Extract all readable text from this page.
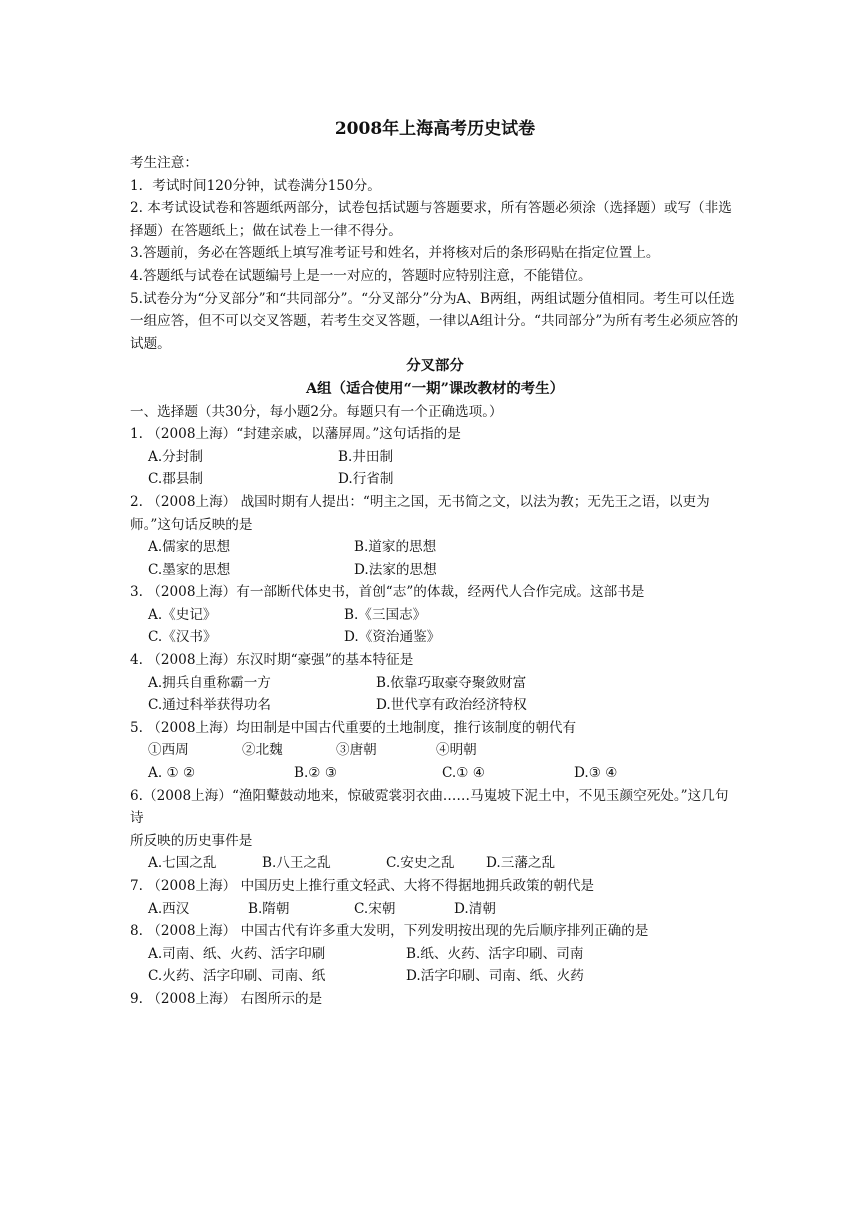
2008年上海高考历史试卷
考生注意：
1．考试时间120分钟，试卷满分150分。
2. 本考试设试卷和答题纸两部分，试卷包括试题与答题要求，所有答题必须涂（选择题）或写（非选择题）在答题纸上；做在试卷上一律不得分。
3.答题前，务必在答题纸上填写准考证号和姓名，并将核对后的条形码贴在指定位置上。
4.答题纸与试卷在试题编号上是一一对应的，答题时应特别注意，不能错位。
5.试卷分为“分叉部分”和“共同部分”。“分叉部分”分为A、B两组，两组试题分值相同。考生可以任选一组应答，但不可以交叉答题，若考生交叉答题，一律以A组计分。“共同部分”为所有考生必须应答的试题。
分叉部分
A组（适合使用“一期”课改教材的考生）
一、选择题（共30分，每小题2分。每题只有一个正确选项。）
1. （2008上海）“封建亲戚，以藩屏周。”这句话指的是
A.分封制	B.井田制
C.郡县制	D.行省制
2. （2008上海） 战国时期有人提出：“明主之国，无书简之文，以法为教；无先王之语，以吏为师。”这句话反映的是
A.儒家的思想	B.道家的思想
C.墨家的思想	D.法家的思想
3. （2008上海）有一部断代体史书，首创“志”的体裁，经两代人合作完成。这部书是
A.《史记》	B.《三国志》
C.《汉书》	D.《资治通鉴》
4. （2008上海）东汉时期“豪强”的基本特征是
A.拥兵自重称霸一方	B.依靠巧取豪夺聚敛财富
C.通过科举获得功名	D.世代享有政治经济特权
5. （2008上海）均田制是中国古代重要的土地制度，推行该制度的朝代有
①西周	②北魏	③唐朝	④明朝
A. ① ②	B.② ③	C.① ④	D.③ ④
6.（2008上海）“渔阳鼙鼓动地来，惊破霓裳羽衣曲……马嵬坡下泥土中，不见玉颜空死处。”这几句诗
所反映的历史事件是
A.七国之乱	B.八王之乱	C.安史之乱	D.三藩之乱
7. （2008上海） 中国历史上推行重文轻武、大将不得据地拥兵政策的朝代是
A.西汉	B.隋朝	C.宋朝	D.清朝
8. （2008上海） 中国古代有许多重大发明，下列发明按出现的先后顺序排列正确的是
A.司南、纸、火药、活字印刷	B.纸、火药、活字印刷、司南
C.火药、活字印刷、司南、纸	D.活字印刷、司南、纸、火药
9. （2008上海） 右图所示的是
